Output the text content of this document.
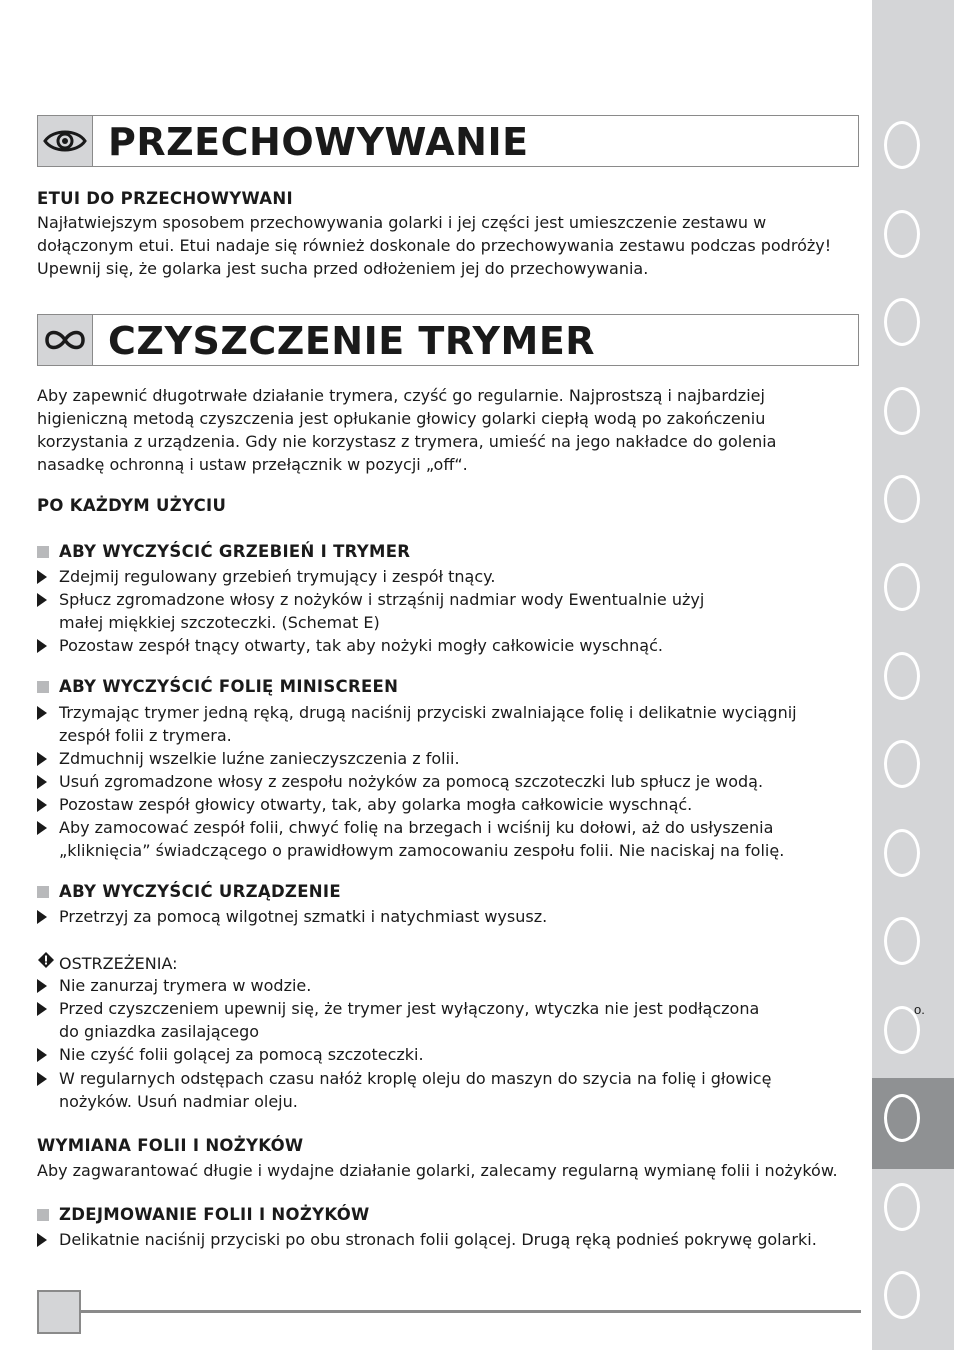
o.
PRZECHOWYWANIE
ETUI DO PRZECHOWYWANI
Najłatwiejszym sposobem przechowywania golarki i jej części jest umieszczenie zestawu w dołączonym etui. Etui nadaje się również doskonale do przechowywania zestawu podczas podróży! Upewnij się, że golarka jest sucha przed odłożeniem jej do przechowywania.
CZYSZCZENIE TRYMER
Aby zapewnić długotrwałe działanie trymera, czyść go regularnie. Najprostszą i najbardziej higieniczną metodą czyszczenia jest opłukanie głowicy golarki ciepłą wodą po zakończeniu korzystania z urządzenia. Gdy nie korzystasz z trymera, umieść na jego nakładce do golenia nasadkę ochronną i ustaw przełącznik w pozycji „off“.
PO KAŻDYM UŻYCIU
ABY WYCZYŚCIĆ GRZEBIEŃ I TRYMER
Zdejmij regulowany grzebień trymujący i zespół tnący.
Spłucz zgromadzone włosy z nożyków i strząśnij nadmiar wody Ewentualnie użyj małej miękkiej szczoteczki. (Schemat E)
Pozostaw zespół tnący otwarty, tak aby nożyki mogły całkowicie wyschnąć.
ABY WYCZYŚCIĆ FOLIĘ MINISCREEN
Trzymając trymer jedną ręką, drugą naciśnij przyciski zwalniające folię i delikatnie wyciągnij zespół folii z trymera.
Zdmuchnij wszelkie luźne zanieczyszczenia z folii.
Usuń zgromadzone włosy z zespołu nożyków za pomocą szczoteczki lub spłucz je wodą.
Pozostaw zespół głowicy otwarty, tak, aby golarka mogła całkowicie wyschnąć.
Aby zamocować zespół folii, chwyć folię na brzegach i wciśnij ku dołowi, aż do usłyszenia „kliknięcia” świadczącego o prawidłowym zamocowaniu zespołu folii. Nie naciskaj na folię.
ABY WYCZYŚCIĆ URZĄDZENIE
Przetrzyj za pomocą wilgotnej szmatki i natychmiast wysusz.
OSTRZEŻENIA:
Nie zanurzaj trymera w wodzie.
Przed czyszczeniem upewnij się, że trymer jest wyłączony, wtyczka nie jest podłączona do gniazdka zasilającego
Nie czyść folii golącej za pomocą szczoteczki.
W regularnych odstępach czasu nałóż kroplę oleju do maszyn do szycia na folię i głowicę nożyków. Usuń nadmiar oleju.
WYMIANA FOLII I NOŻYKÓW
Aby zagwarantować długie i wydajne działanie golarki, zalecamy regularną wymianę folii i nożyków.
ZDEJMOWANIE FOLII I NOŻYKÓW
Delikatnie naciśnij przyciski po obu stronach folii golącej. Drugą ręką podnieś pokrywę golarki.
